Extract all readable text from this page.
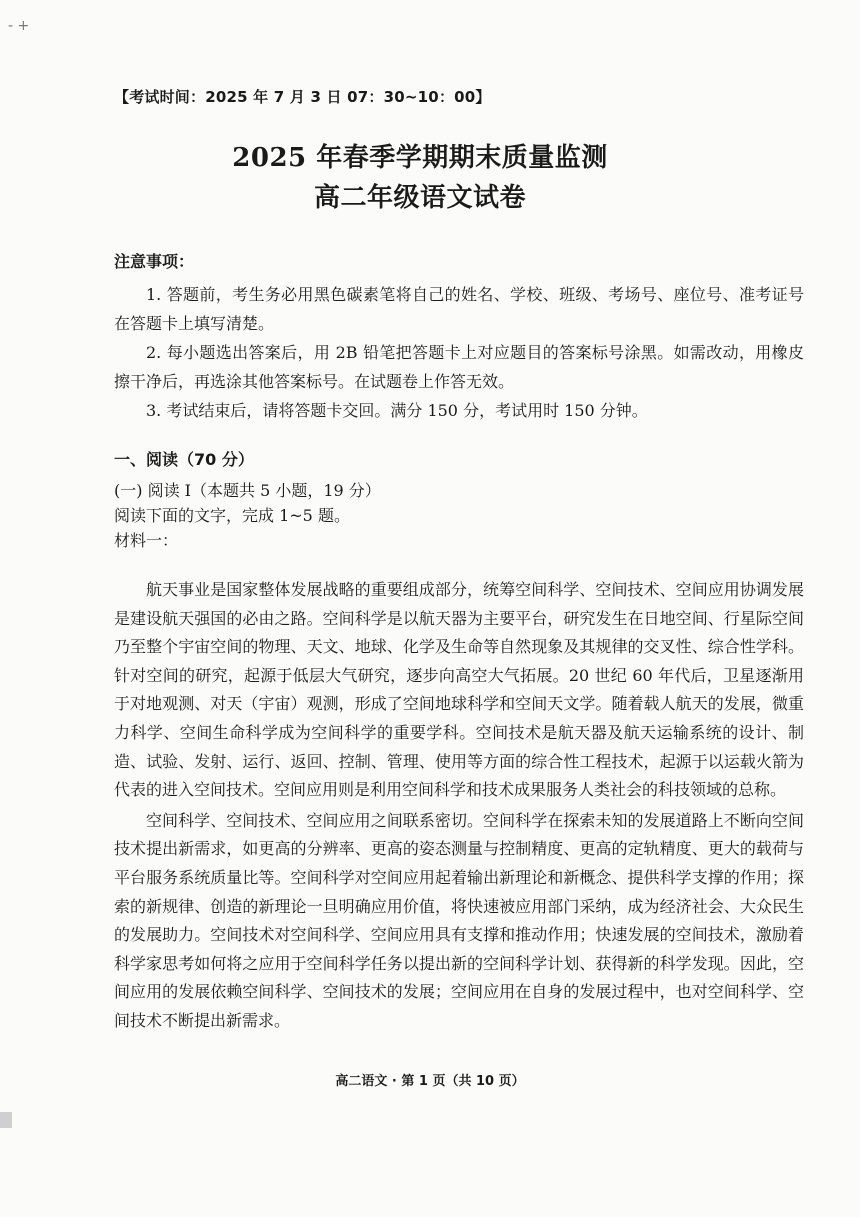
- +
【考试时间：2025 年 7 月 3 日 07：30~10：00】

2025 年春季学期期末质量监测

高二年级语文试卷

注意事项：

1. 答题前，考生务必用黑色碳素笔将自己的姓名、学校、班级、考场号、座位号、准考证号在答题卡上填写清楚。

2. 每小题选出答案后，用 2B 铅笔把答题卡上对应题目的答案标号涂黑。如需改动，用橡皮擦干净后，再选涂其他答案标号。在试题卷上作答无效。

3. 考试结束后，请将答题卡交回。满分 150 分，考试用时 150 分钟。

一、阅读（70 分）

(一) 阅读 I（本题共 5 小题，19 分）

阅读下面的文字，完成 1~5 题。

材料一：

航天事业是国家整体发展战略的重要组成部分，统筹空间科学、空间技术、空间应用协调发展是建设航天强国的必由之路。空间科学是以航天器为主要平台，研究发生在日地空间、行星际空间乃至整个宇宙空间的物理、天文、地球、化学及生命等自然现象及其规律的交叉性、综合性学科。针对空间的研究，起源于低层大气研究，逐步向高空大气拓展。20 世纪 60 年代后，卫星逐渐用于对地观测、对天（宇宙）观测，形成了空间地球科学和空间天文学。随着载人航天的发展，微重力科学、空间生命科学成为空间科学的重要学科。空间技术是航天器及航天运输系统的设计、制造、试验、发射、运行、返回、控制、管理、使用等方面的综合性工程技术，起源于以运载火箭为代表的进入空间技术。空间应用则是利用空间科学和技术成果服务人类社会的科技领域的总称。

空间科学、空间技术、空间应用之间联系密切。空间科学在探索未知的发展道路上不断向空间技术提出新需求，如更高的分辨率、更高的姿态测量与控制精度、更高的定轨精度、更大的载荷与平台服务系统质量比等。空间科学对空间应用起着输出新理论和新概念、提供科学支撑的作用；探索的新规律、创造的新理论一旦明确应用价值，将快速被应用部门采纳，成为经济社会、大众民生的发展助力。空间技术对空间科学、空间应用具有支撑和推动作用；快速发展的空间技术，激励着科学家思考如何将之应用于空间科学任务以提出新的空间科学计划、获得新的科学发现。因此，空间应用的发展依赖空间科学、空间技术的发展；空间应用在自身的发展过程中，也对空间科学、空间技术不断提出新需求。

高二语文 · 第 1 页（共 10 页）
